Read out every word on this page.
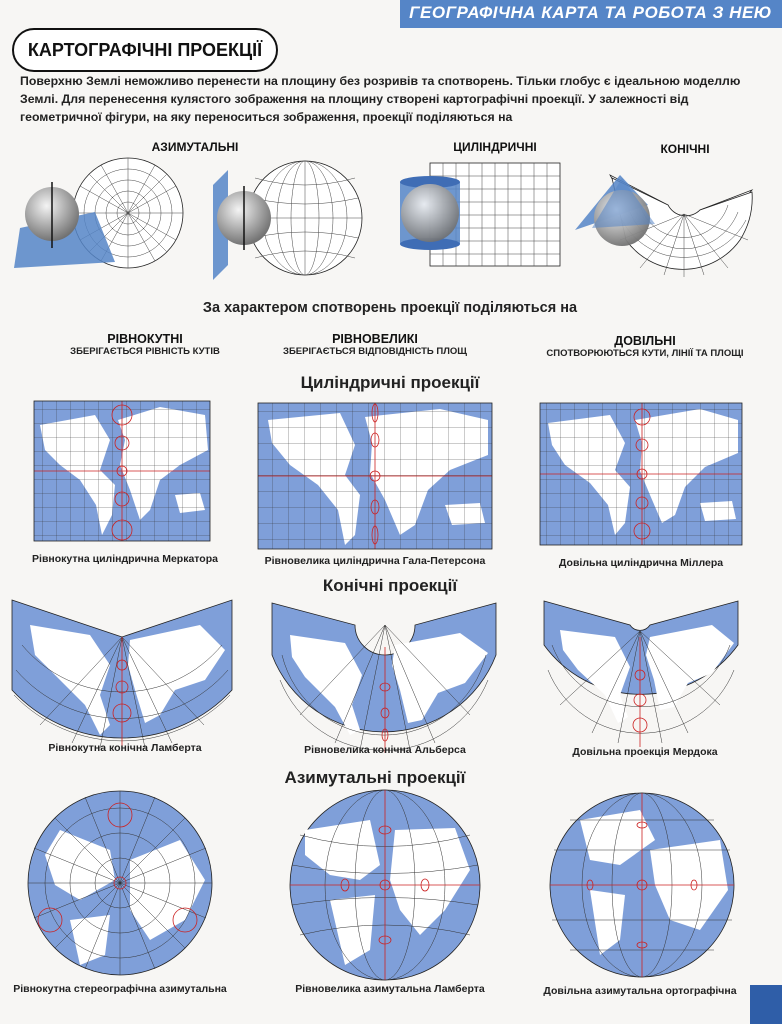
ГЕОГРАФІЧНА КАРТА ТА РОБОТА З НЕЮ
КАРТОГРАФІЧНІ ПРОЕКЦІЇ
Поверхню Землі неможливо перенести на площину без розривів та спотворень. Тільки глобус є ідеальною моделлю Землі. Для перенесення кулястого зображення на площину створені картографічні проекції. У залежності від геометричної фігури, на яку переноситься зображення, проекції поділяються на
АЗИМУТАЛЬНІ	ЦИЛІНДРИЧНІ	КОНІЧНІ
За характером спотворень проекції поділяються на
РІВНОКУТНІ
ЗБЕРІГАЄТЬСЯ РІВНІСТЬ КУТІВ
РІВНОВЕЛИКІ
ЗБЕРІГАЄТЬСЯ ВІДПОВІДНІСТЬ ПЛОЩ
ДОВІЛЬНІ
СПОТВОРЮЮТЬСЯ КУТИ, ЛІНІЇ ТА ПЛОЩІ
Циліндричні проекції
Рівнокутна циліндрична Меркатора	Рівновелика циліндрична Гала-Петерсона	Довільна циліндрична Міллера
Конічні проекції
Рівнокутна конічна Ламберта	Рівновелика конічна Альберса	Довільна проекція Мердока
Азимутальні проекції
Рівнокутна стереографічна азимутальна	Рівновелика азимутальна Ламберта	Довільна азимутальна ортографічна
